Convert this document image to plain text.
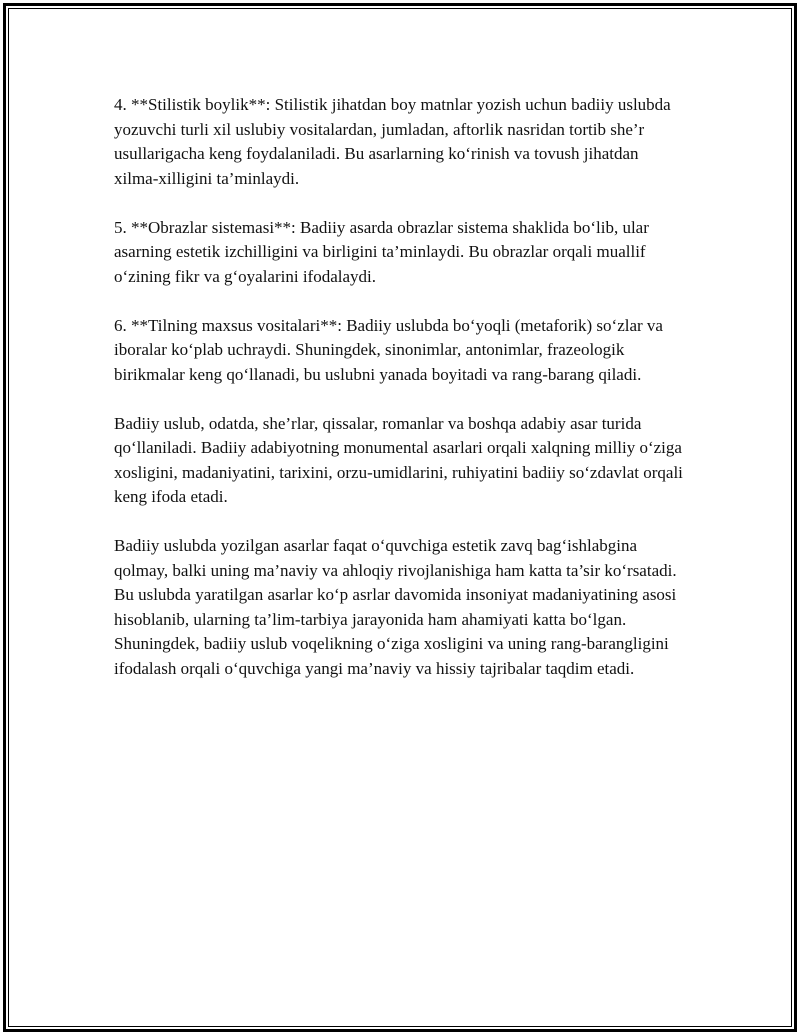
4. **Stilistik boylik**: Stilistik jihatdan boy matnlar yozish uchun badiiy uslubda yozuvchi turli xil uslubiy vositalardan, jumladan, aftorlik nasridan tortib she’r usullarigacha keng foydalaniladi. Bu asarlarning ko‘rinish va tovush jihatdan xilma-xilligini ta’minlaydi.

5. **Obrazlar sistemasi**: Badiiy asarda obrazlar sistema shaklida bo‘lib, ular asarning estetik izchilligini va birligini ta’minlaydi. Bu obrazlar orqali muallif o‘zining fikr va g‘oyalarini ifodalaydi.

6. **Tilning maxsus vositalari**: Badiiy uslubda bo‘yoqli (metaforik) so‘zlar va iboralar ko‘plab uchraydi. Shuningdek, sinonimlar, antonimlar, frazeologik birikmalar keng qo‘llanadi, bu uslubni yanada boyitadi va rang-barang qiladi.

Badiiy uslub, odatda, she’rlar, qissalar, romanlar va boshqa adabiy asar turida qo‘llaniladi. Badiiy adabiyotning monumental asarlari orqali xalqning milliy o‘ziga xosligini, madaniyatini, tarixini, orzu-umidlarini, ruhiyatini badiiy so‘zdavlat orqali keng ifoda etadi.

Badiiy uslubda yozilgan asarlar faqat o‘quvchiga estetik zavq bag‘ishlabgina qolmay, balki uning ma’naviy va ahloqiy rivojlanishiga ham katta ta’sir ko‘rsatadi. Bu uslubda yaratilgan asarlar ko‘p asrlar davomida insoniyat madaniyatining asosi hisoblanib, ularning ta’lim-tarbiya jarayonida ham ahamiyati katta bo‘lgan. Shuningdek, badiiy uslub voqelikning o‘ziga xosligini va uning rang-barangligini ifodalash orqali o‘quvchiga yangi ma’naviy va hissiy tajribalar taqdim etadi.
